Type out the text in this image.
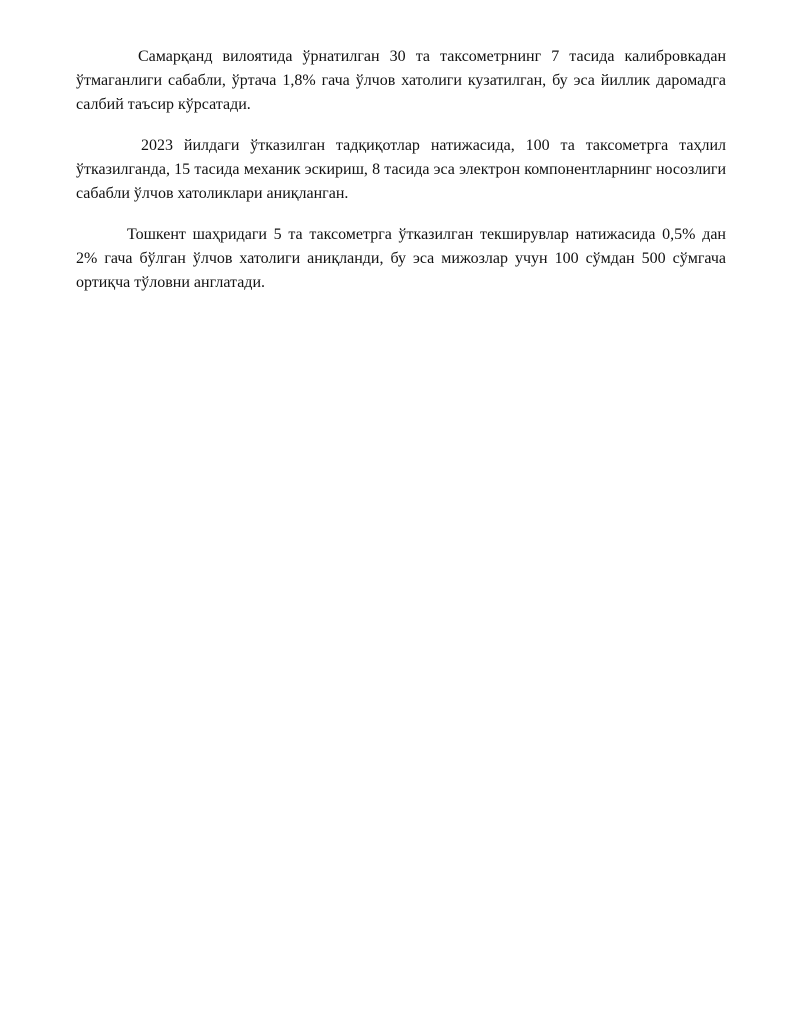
Самарқанд вилоятида ўрнатилган 30 та таксометрнинг 7 тасида калибровкадан ўтмаганлиги сабабли, ўртача 1,8% гача ўлчов хатолиги кузатилган, бу эса йиллик даромадга салбий таъсир кўрсатади.

2023 йилдаги ўтказилган тадқиқотлар натижасида, 100 та таксометрга таҳлил ўтказилганда, 15 тасида механик эскириш, 8 тасида эса электрон компонентларнинг носозлиги сабабли ўлчов хатоликлари аниқланган.

Тошкент шаҳридаги 5 та таксометрга ўтказилган текширувлар натижасида 0,5% дан 2% гача бўлган ўлчов хатолиги аниқланди, бу эса мижозлар учун 100 сўмдан 500 сўмгача ортиқча тўловни англатади.
